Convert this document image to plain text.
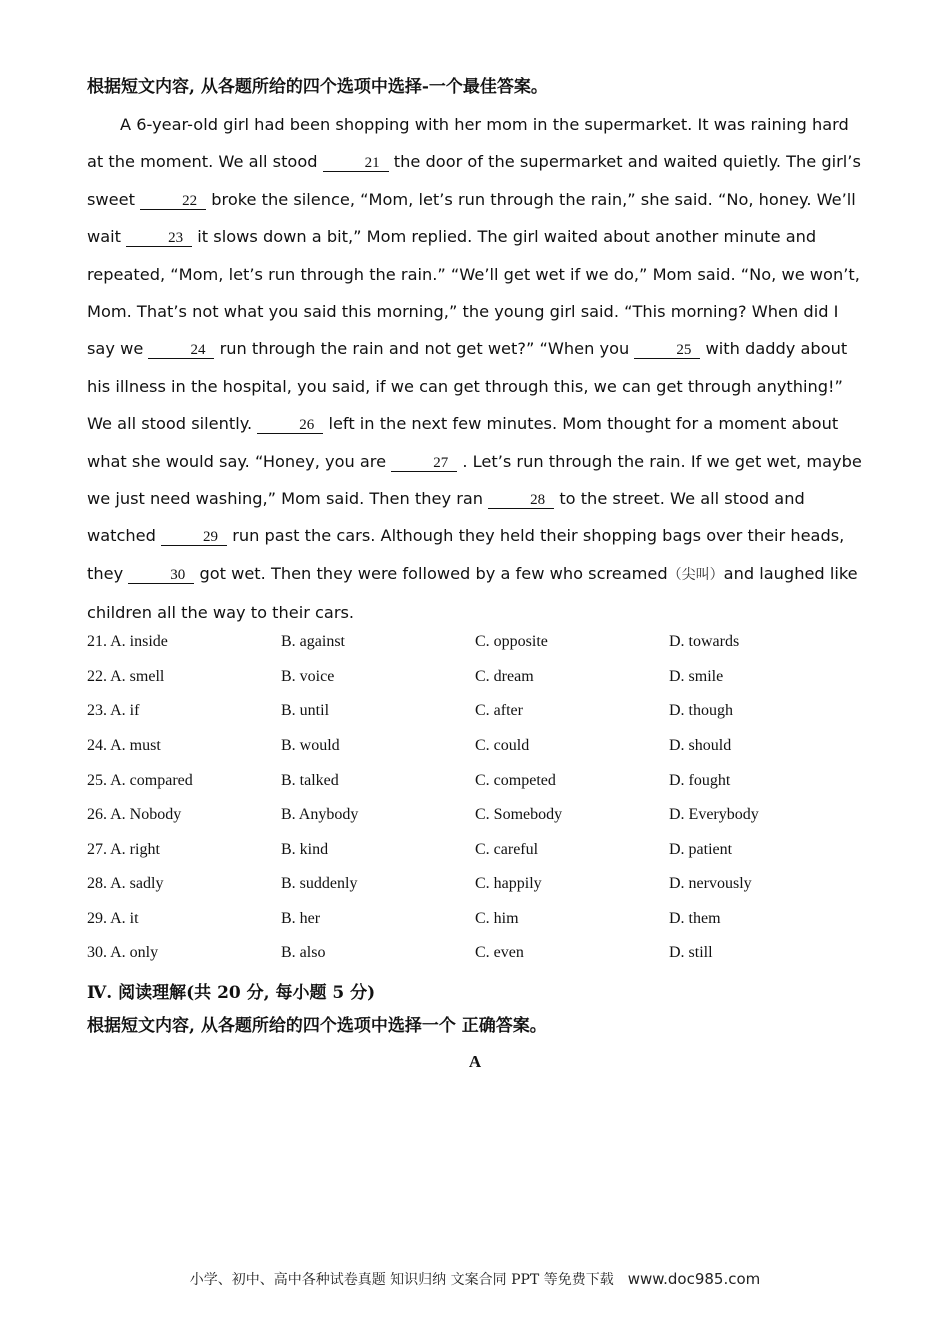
根据短文内容, 从各题所给的四个选项中选择-一个最佳答案。

A 6-year-old girl had been shopping with her mom in the supermarket. It was raining hard at the moment. We all stood	21 the door of the supermarket and waited quietly. The girl’s sweet	22 broke the silence, “Mom, let’s run through the rain,” she said. “No, honey. We’ll wait	23 it slows down a bit,” Mom replied. The girl waited about another minute and repeated, “Mom, let’s run through the rain.” “We’ll get wet if we do,” Mom said. “No, we won’t, Mom. That’s not what you said this morning,” the young girl said. “This morning? When did I say we	24 run through the rain and not get wet?” “When you	25 with daddy about his illness in the hospital, you said, if we can get through this, we can get through anything!” We all stood silently.	26 left in the next few minutes. Mom thought for a moment about what she would say. “Honey, you are	27 . Let’s run through the rain. If we get wet, maybe we just need washing,” Mom said. Then they ran	28 to the street. We all stood and watched	29 run past the cars. Although they held their shopping bags over their heads, they	30 got wet. Then they were followed by a few who screamed（尖叫）and laughed like children all the way to their cars.

21. A. inside	B. against	C. opposite	D. towards
22. A. smell	B. voice	C. dream	D. smile
23. A. if	B. until	C. after	D. though
24. A. must	B. would	C. could	D. should
25. A. compared	B. talked	C. competed	D. fought
26. A. Nobody	B. Anybody	C. Somebody	D. Everybody
27. A. right	B. kind	C. careful	D. patient
28. A. sadly	B. suddenly	C. happily	D. nervously
29. A. it	B. her	C. him	D. them
30. A. only	B. also	C. even	D. still
Ⅳ. 阅读理解(共 20 分, 每小题 5 分)
根据短文内容, 从各题所给的四个选项中选择一个 正确答案。
A
小学、初中、高中各种试卷真题 知识归纳 文案合同 PPT 等免费下载 www.doc985.com
